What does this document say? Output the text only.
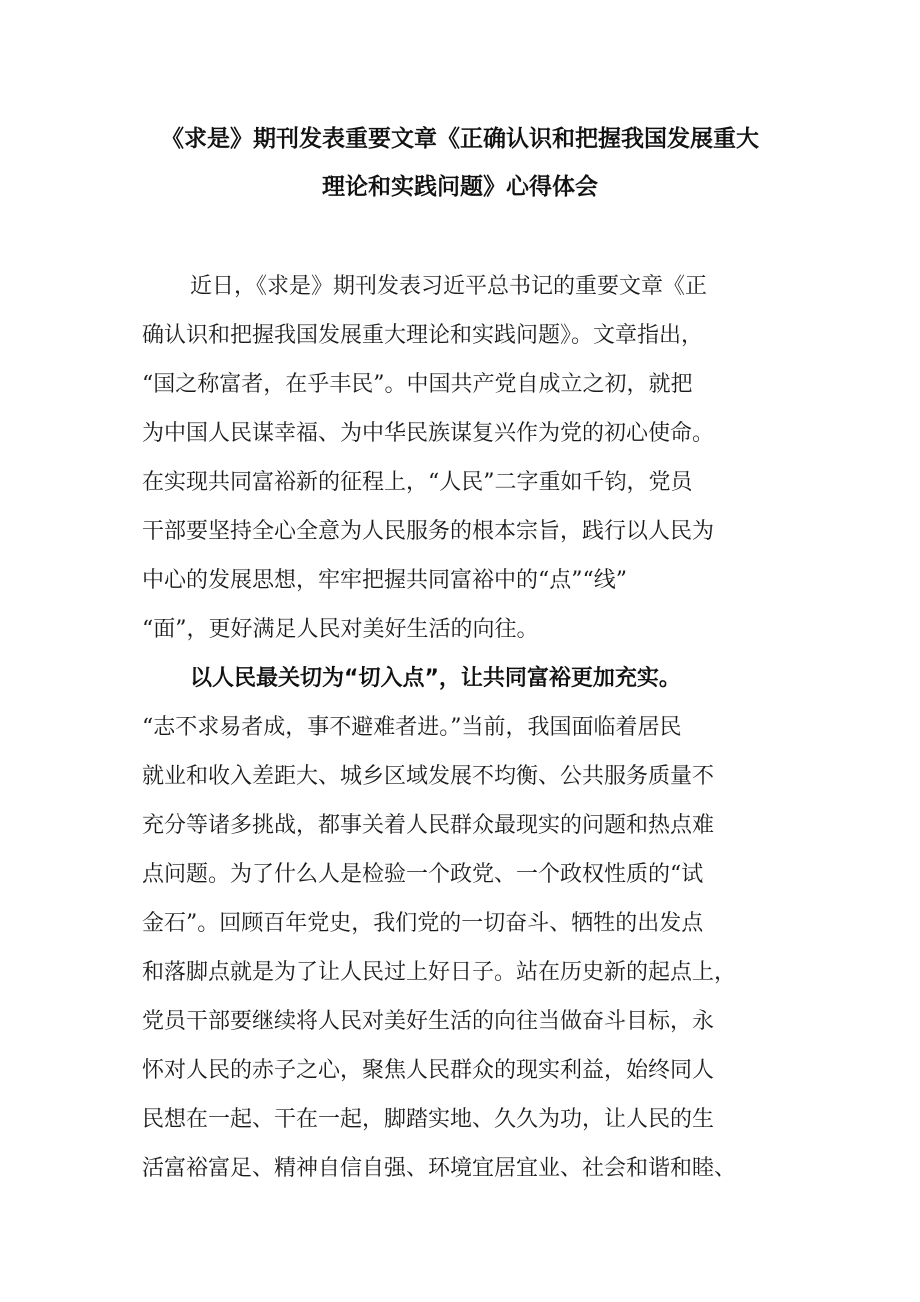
《求是》期刊发表重要文章《正确认识和把握我国发展重大
理论和实践问题》心得体会
近日，《求是》期刊发表习近平总书记的重要文章《正
确认识和把握我国发展重大理论和实践问题》。文章指出，
“国之称富者，在乎丰民”。中国共产党自成立之初，就把
为中国人民谋幸福、为中华民族谋复兴作为党的初心使命。
在实现共同富裕新的征程上，“人民”二字重如千钧，党员
干部要坚持全心全意为人民服务的根本宗旨，践行以人民为
中心的发展思想，牢牢把握共同富裕中的“点”“线”
“面”，更好满足人民对美好生活的向往。
以人民最关切为“切入点”，让共同富裕更加充实。
“志不求易者成，事不避难者进。”当前，我国面临着居民
就业和收入差距大、城乡区域发展不均衡、公共服务质量不
充分等诸多挑战，都事关着人民群众最现实的问题和热点难
点问题。为了什么人是检验一个政党、一个政权性质的“试
金石”。回顾百年党史，我们党的一切奋斗、牺牲的出发点
和落脚点就是为了让人民过上好日子。站在历史新的起点上，
党员干部要继续将人民对美好生活的向往当做奋斗目标，永
怀对人民的赤子之心，聚焦人民群众的现实利益，始终同人
民想在一起、干在一起，脚踏实地、久久为功，让人民的生
活富裕富足、精神自信自强、环境宜居宜业、社会和谐和睦、
